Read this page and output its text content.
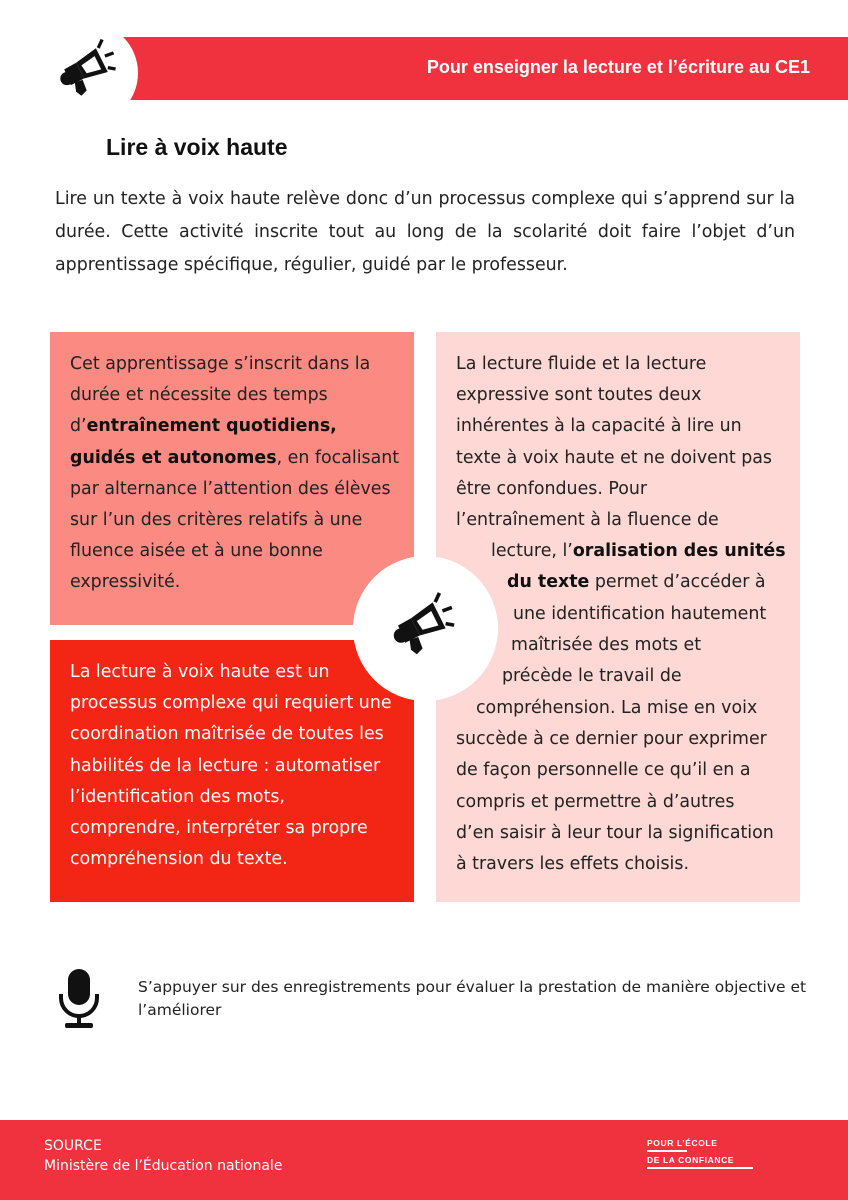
Pour enseigner la lecture et l’écriture au CE1
Lire à voix haute
Lire un texte à voix haute relève donc d’un processus complexe qui s’apprend sur la durée. Cette activité inscrite tout au long de la scolarité doit faire l’objet d’un apprentissage spécifique, régulier, guidé par le professeur.
Cet apprentissage s’inscrit dans la durée et nécessite des temps d’entraînement quotidiens, guidés et autonomes, en focalisant par alternance l’attention des élèves sur l’un des critères relatifs à une fluence aisée et à une bonne expressivité.
La lecture à voix haute est un processus complexe qui requiert une coordination maîtrisée de toutes les habilités de la lecture : automatiser l’identification des mots, comprendre, interpréter sa propre compréhension du texte.
La lecture fluide et la lecture
expressive sont toutes deux
inhérentes à la capacité à lire un
texte à voix haute et ne doivent pas
être confondues. Pour
l’entraînement à la fluence de
lecture, l’oralisation des unités
du texte permet d’accéder à
une identification hautement
maîtrisée des mots et
précède le travail de
compréhension. La mise en voix
succède à ce dernier pour exprimer
de façon personnelle ce qu’il en a
compris et permettre à d’autres
d’en saisir à leur tour la signification
à travers les effets choisis.
S’appuyer sur des enregistrements pour évaluer la prestation de manière objective et l’améliorer
SOURCE
Ministère de l’Éducation nationale
POUR L’ÉCOLE
DE LA CONFIANCE
